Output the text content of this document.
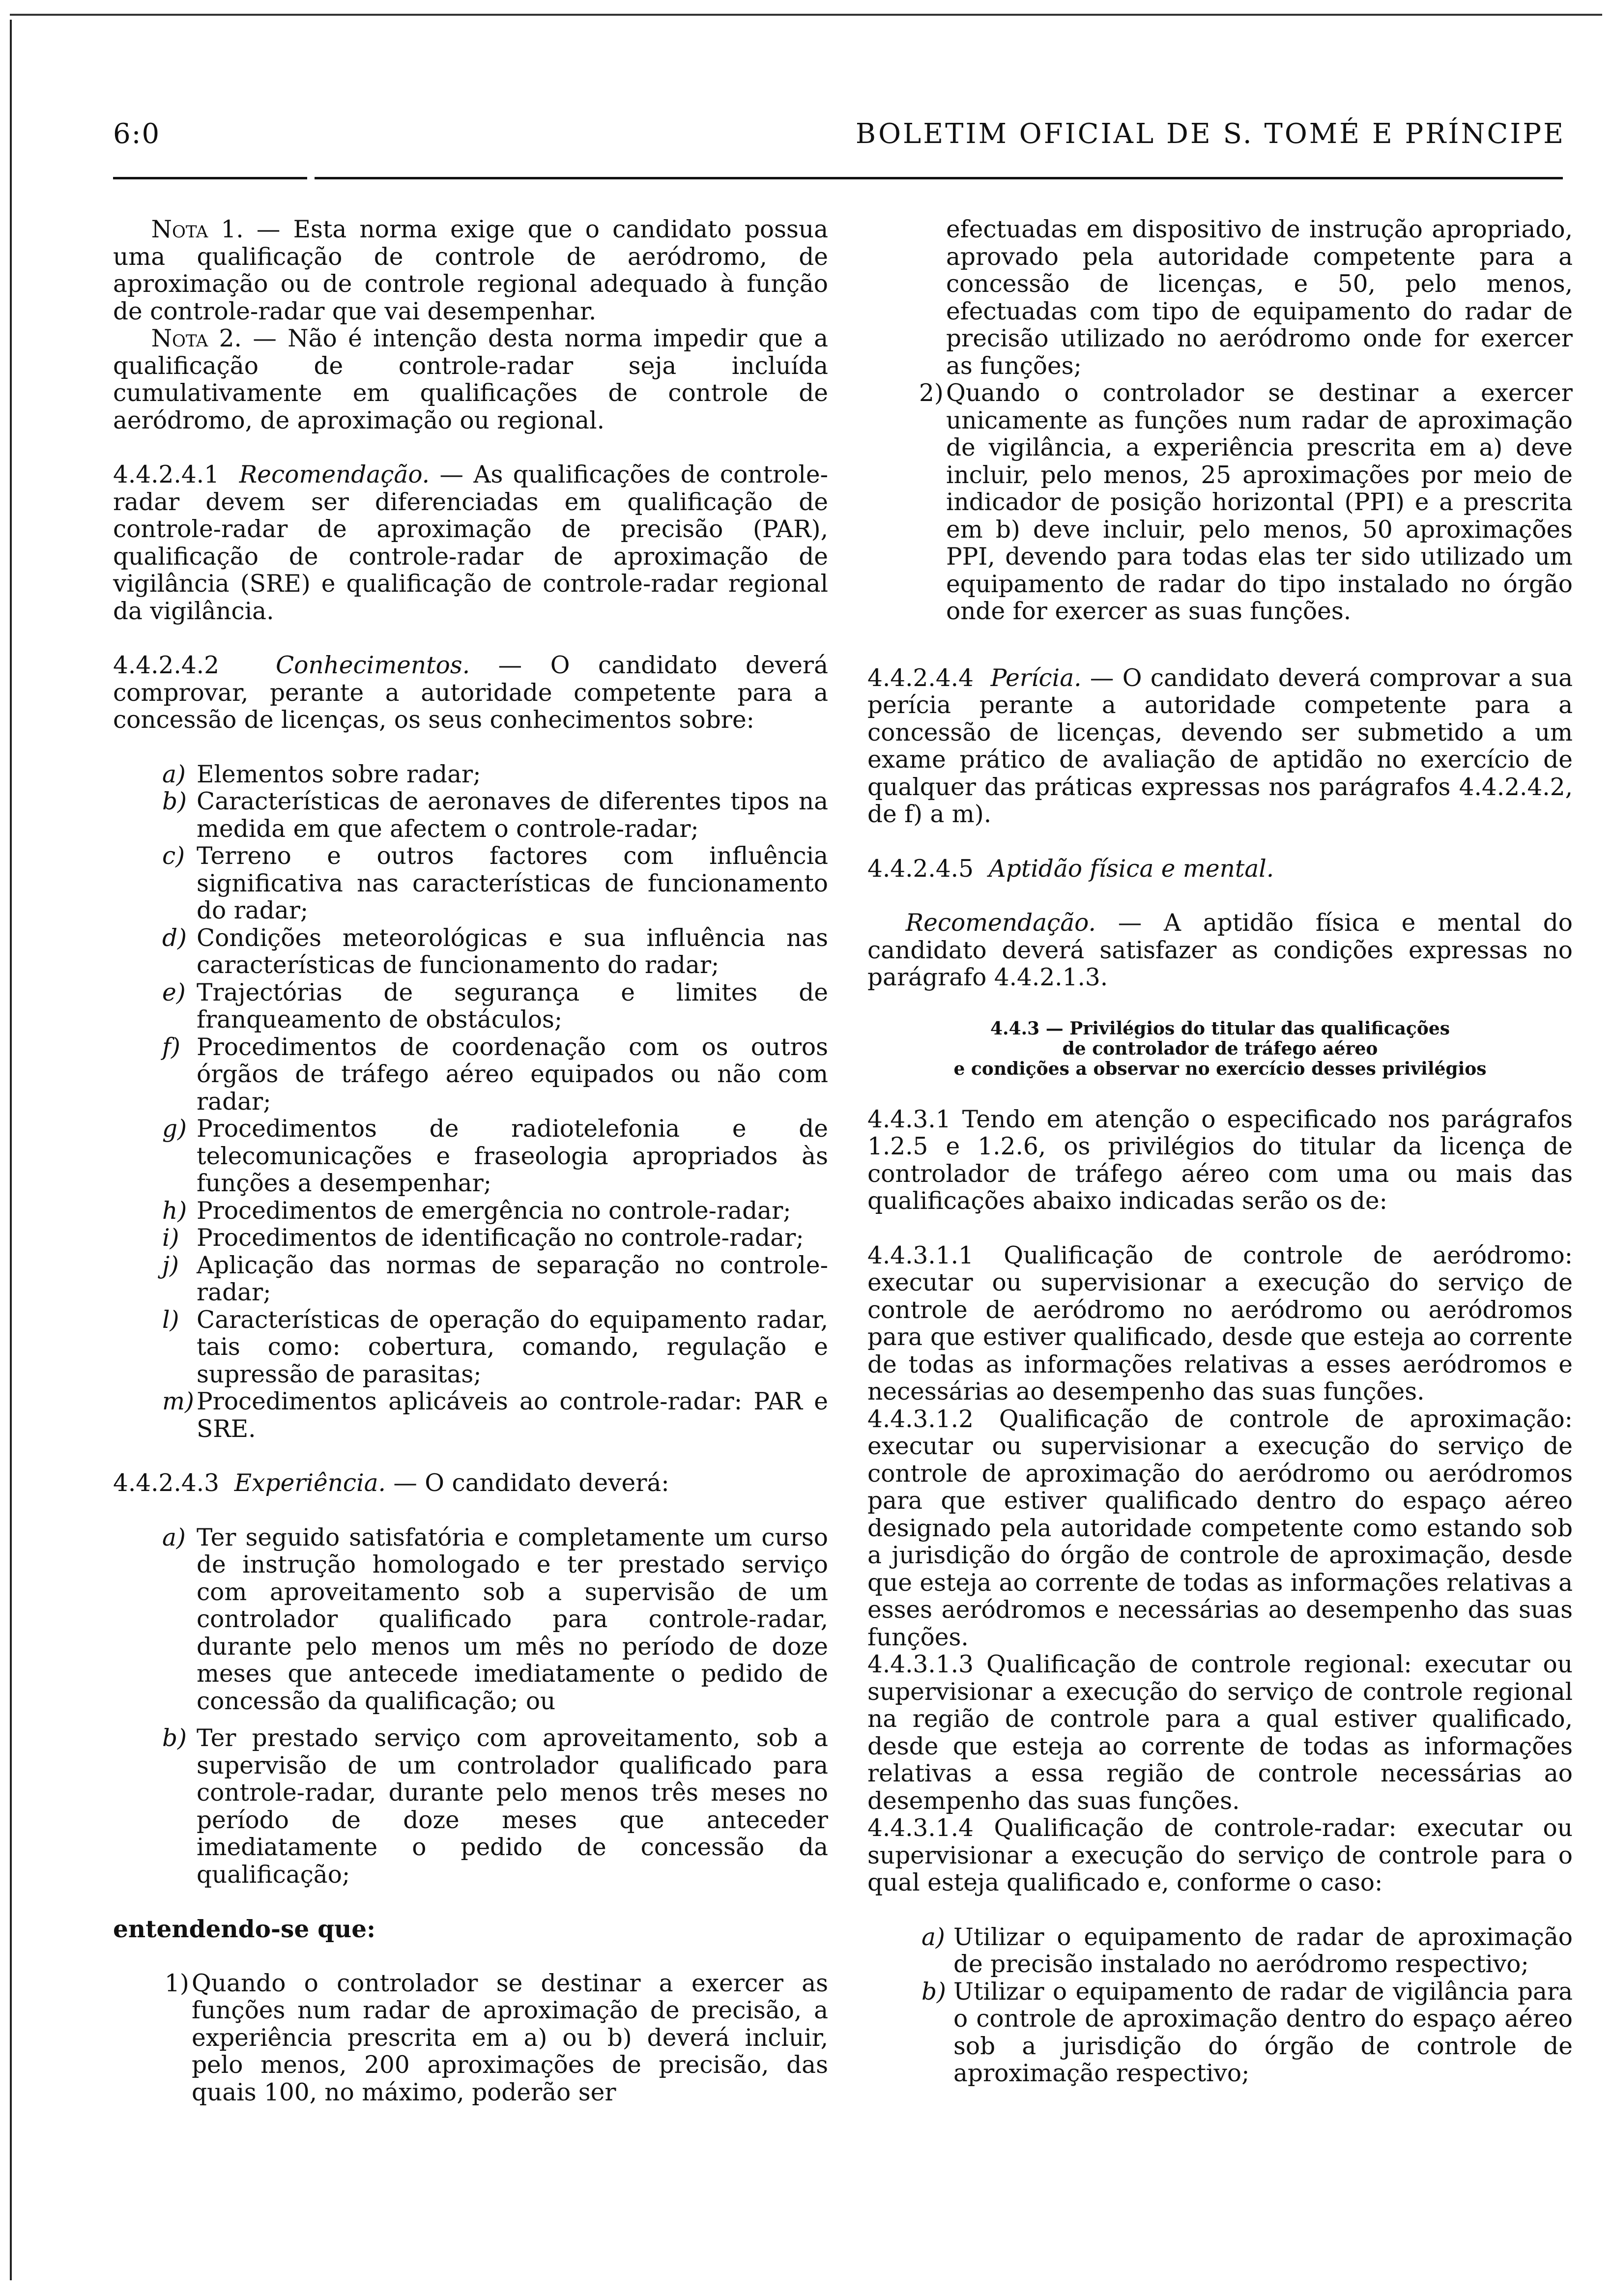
6:0	BOLETIM OFICIAL DE S. TOMÉ E PRÍNCIPE

Nota 1. — Esta norma exige que o candidato possua uma qualificação de controle de aeródromo, de aproximação ou de controle regional adequado à função de controle-radar que vai desempenhar.

Nota 2. — Não é intenção desta norma impedir que a qualificação de controle-radar seja incluída cumulativamente em qualificações de controle de aeródromo, de aproximação ou regional.

4.4.2.4.1 Recomendação. — As qualificações de controle-radar devem ser diferenciadas em qualificação de controle-radar de aproximação de precisão (PAR), qualificação de controle-radar de aproximação de vigilância (SRE) e qualificação de controle-radar regional da vigilância.

4.4.2.4.2 Conhecimentos. — O candidato deverá comprovar, perante a autoridade competente para a concessão de licenças, os seus conhecimentos sobre:

a) Elementos sobre radar;
b) Características de aeronaves de diferentes tipos na medida em que afectem o controle-radar;
c) Terreno e outros factores com influência significativa nas características de funcionamento do radar;
d) Condições meteorológicas e sua influência nas características de funcionamento do radar;
e) Trajectórias de segurança e limites de franqueamento de obstáculos;
f) Procedimentos de coordenação com os outros órgãos de tráfego aéreo equipados ou não com radar;
g) Procedimentos de radiotelefonia e de telecomunicações e fraseologia apropriados às funções a desempenhar;
h) Procedimentos de emergência no controle-radar;
i) Procedimentos de identificação no controle-radar;
j) Aplicação das normas de separação no controle-radar;
l) Características de operação do equipamento radar, tais como: cobertura, comando, regulação e supressão de parasitas;
m) Procedimentos aplicáveis ao controle-radar: PAR e SRE.

4.4.2.4.3 Experiência. — O candidato deverá:

a) Ter seguido satisfatória e completamente um curso de instrução homologado e ter prestado serviço com aproveitamento sob a supervisão de um controlador qualificado para controle-radar, durante pelo menos um mês no período de doze meses que antecede imediatamente o pedido de concessão da qualificação; ou
b) Ter prestado serviço com aproveitamento, sob a supervisão de um controlador qualificado para controle-radar, durante pelo menos três meses no período de doze meses que anteceder imediatamente o pedido de concessão da qualificação;

entendendo-se que:

1) Quando o controlador se destinar a exercer as funções num radar de aproximação de precisão, a experiência prescrita em a) ou b) deverá incluir, pelo menos, 200 aproximações de precisão, das quais 100, no máximo, poderão ser
efectuadas em dispositivo de instrução apropriado, aprovado pela autoridade competente para a concessão de licenças, e 50, pelo menos, efectuadas com tipo de equipamento do radar de precisão utilizado no aeródromo onde for exercer as funções;
2) Quando o controlador se destinar a exercer unicamente as funções num radar de aproximação de vigilância, a experiência prescrita em a) deve incluir, pelo menos, 25 aproximações por meio de indicador de posição horizontal (PPI) e a prescrita em b) deve incluir, pelo menos, 50 aproximações PPI, devendo para todas elas ter sido utilizado um equipamento de radar do tipo instalado no órgão onde for exercer as suas funções.

4.4.2.4.4 Perícia. — O candidato deverá comprovar a sua perícia perante a autoridade competente para a concessão de licenças, devendo ser submetido a um exame prático de avaliação de aptidão no exercício de qualquer das práticas expressas nos parágrafos 4.4.2.4.2, de f) a m).

4.4.2.4.5 Aptidão física e mental.

Recomendação. — A aptidão física e mental do candidato deverá satisfazer as condições expressas no parágrafo 4.4.2.1.3.

4.4.3 — Privilégios do titular das qualificações

de controlador de tráfego aéreo

e condições a observar no exercício desses privilégios

4.4.3.1 Tendo em atenção o especificado nos parágrafos 1.2.5 e 1.2.6, os privilégios do titular da licença de controlador de tráfego aéreo com uma ou mais das qualificações abaixo indicadas serão os de:

4.4.3.1.1 Qualificação de controle de aeródromo: executar ou supervisionar a execução do serviço de controle de aeródromo no aeródromo ou aeródromos para que estiver qualificado, desde que esteja ao corrente de todas as informações relativas a esses aeródromos e necessárias ao desempenho das suas funções.

4.4.3.1.2 Qualificação de controle de aproximação: executar ou supervisionar a execução do serviço de controle de aproximação do aeródromo ou aeródromos para que estiver qualificado dentro do espaço aéreo designado pela autoridade competente como estando sob a jurisdição do órgão de controle de aproximação, desde que esteja ao corrente de todas as informações relativas a esses aeródromos e necessárias ao desempenho das suas funções.

4.4.3.1.3 Qualificação de controle regional: executar ou supervisionar a execução do serviço de controle regional na região de controle para a qual estiver qualificado, desde que esteja ao corrente de todas as informações relativas a essa região de controle necessárias ao desempenho das suas funções.

4.4.3.1.4 Qualificação de controle-radar: executar ou supervisionar a execução do serviço de controle para o qual esteja qualificado e, conforme o caso:

a) Utilizar o equipamento de radar de aproximação de precisão instalado no aeródromo respectivo;
b) Utilizar o equipamento de radar de vigilância para o controle de aproximação dentro do espaço aéreo sob a jurisdição do órgão de controle de aproximação respectivo;
